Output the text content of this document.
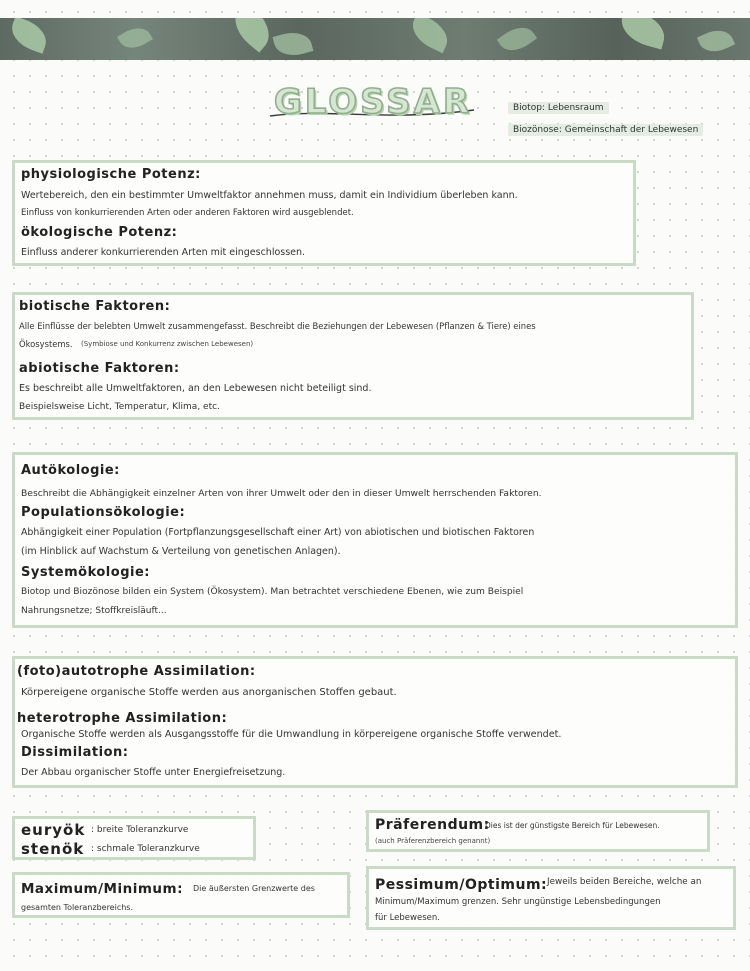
GLOSSAR	Biotop: Lebensraum
Biozönose: Gemeinschaft der Lebewesen
physiologische Potenz:
Wertebereich, den ein bestimmter Umweltfaktor annehmen muss, damit ein Individium überleben kann.
Einfluss von konkurrierenden Arten oder anderen Faktoren wird ausgeblendet.
ökologische Potenz:
Einfluss anderer konkurrierenden Arten mit eingeschlossen.
biotische Faktoren:
Alle Einflüsse der belebten Umwelt zusammengefasst. Beschreibt die Beziehungen der Lebewesen (Pflanzen & Tiere) eines
Ökosystems. (Symbiose und Konkurrenz zwischen Lebewesen)
abiotische Faktoren:
Es beschreibt alle Umweltfaktoren, an den Lebewesen nicht beteiligt sind.
Beispielsweise Licht, Temperatur, Klima, etc.
Autökologie:
Beschreibt die Abhängigkeit einzelner Arten von ihrer Umwelt oder den in dieser Umwelt herrschenden Faktoren.
Populationsökologie:
Abhängigkeit einer Population (Fortpflanzungsgesellschaft einer Art) von abiotischen und biotischen Faktoren
(im Hinblick auf Wachstum & Verteilung von genetischen Anlagen).
Systemökologie:
Biotop und Biozönose bilden ein System (Ökosystem). Man betrachtet verschiedene Ebenen, wie zum Beispiel
Nahrungsnetze; Stoffkreisläuft...
(foto)autotrophe Assimilation:
Körpereigene organische Stoffe werden aus anorganischen Stoffen gebaut.
heterotrophe Assimilation:
Organische Stoffe werden als Ausgangsstoffe für die Umwandlung in körpereigene organische Stoffe verwendet.
Dissimilation:
Der Abbau organischer Stoffe unter Energiefreisetzung.
euryök : breite Toleranzkurve
stenök : schmale Toleranzkurve
Präferendum:
Dies ist der günstigste Bereich für Lebewesen.
(auch Präferenzbereich genannt)
Maximum/Minimum: Die äußersten Grenzwerte des
gesamten Toleranzbereichs.
Pessimum/Optimum: Jeweils beiden Bereiche, welche an
Minimum/Maximum grenzen. Sehr ungünstige Lebensbedingungen
für Lebewesen.
